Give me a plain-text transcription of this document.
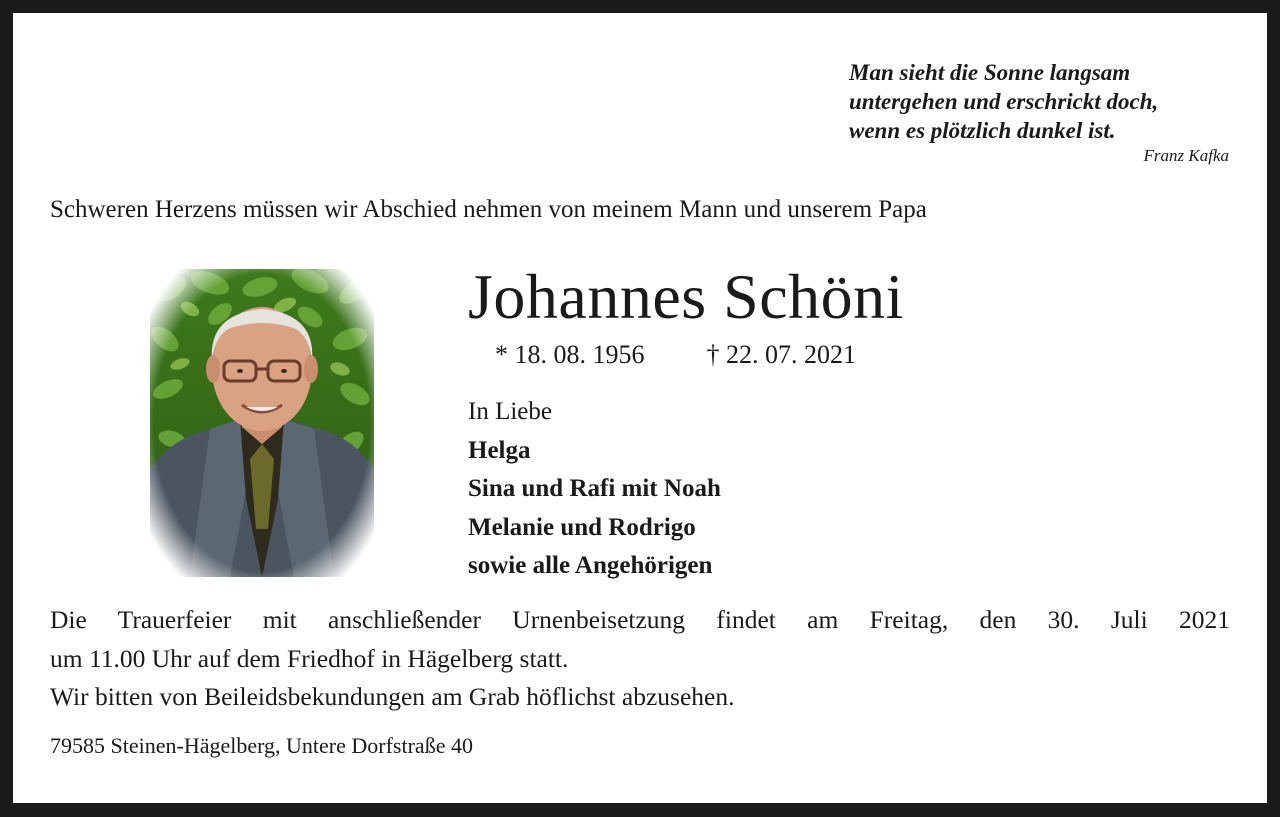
Man sieht die Sonne langsam
untergehen und erschrickt doch,
wenn es plötzlich dunkel ist.
Franz Kafka
Schweren Herzens müssen wir Abschied nehmen von meinem Mann und unserem Papa
Johannes Schöni
* 18. 08. 1956 † 22. 07. 2021
In Liebe
Helga
Sina und Rafi mit Noah
Melanie und Rodrigo
sowie alle Angehörigen
Die Trauerfeier mit anschließender Urnenbeisetzung findet am Freitag, den 30. Juli 2021
um 11.00 Uhr auf dem Friedhof in Hägelberg statt.
Wir bitten von Beileidsbekundungen am Grab höflichst abzusehen.
79585 Steinen-Hägelberg, Untere Dorfstraße 40
